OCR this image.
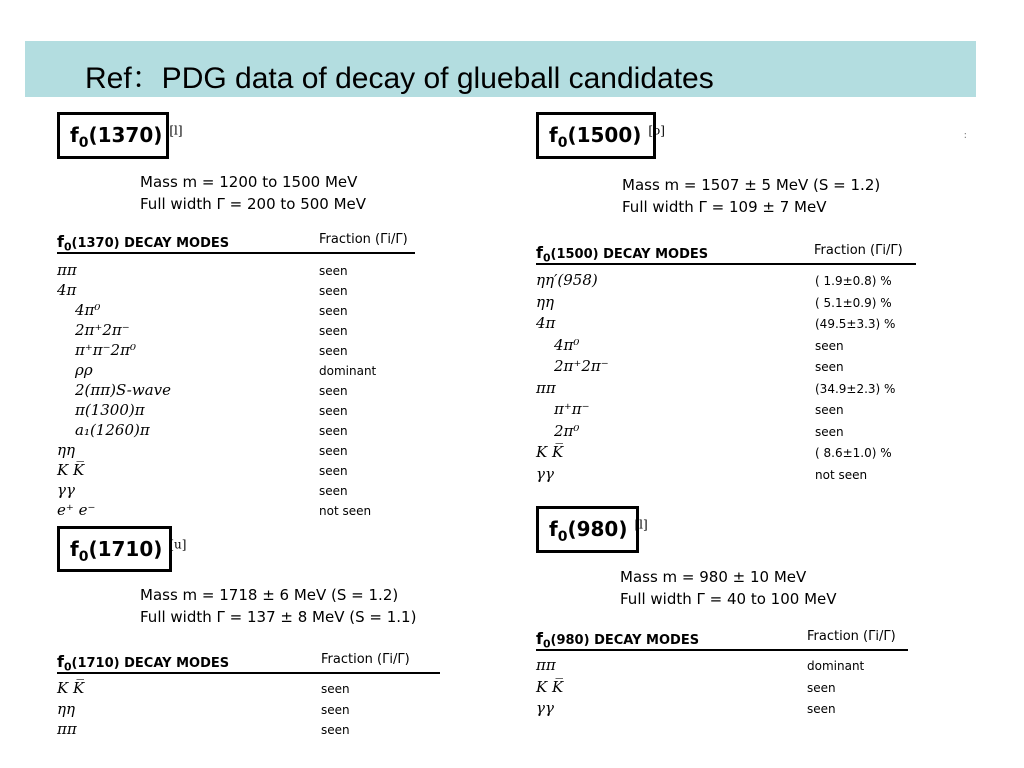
Ref：PDG data of decay of glueball candidates
:
$f_0(1370)$ [l]
Mass m = 1200 to 1500 MeV
Full width Γ = 200 to 500 MeV
$f_0(1370)$ DECAY MODES	Fraction (Γi/Γ)
ππ	seen
4π	seen
4π⁰	seen
2π⁺2π⁻	seen
π⁺π⁻2π⁰	seen
ρρ	dominant
2(ππ)S-wave	seen
π(1300)π	seen
a₁(1260)π	seen
ηη	seen
K K̅	seen
γγ	seen
e⁺ e⁻	not seen
$f_0(1500)$ [o]
Mass m = 1507 ± 5 MeV (S = 1.2)
Full width Γ = 109 ± 7 MeV
$f_0(1500)$ DECAY MODES	Fraction (Γi/Γ)
ηη′(958)	( 1.9±0.8) %
ηη	( 5.1±0.9) %
4π	(49.5±3.3) %
4π⁰	seen
2π⁺2π⁻	seen
ππ	(34.9±2.3) %
π⁺π⁻	seen
2π⁰	seen
K K̅	( 8.6±1.0) %
γγ	not seen
$f_0(1710)$ [u]
Mass m = 1718 ± 6 MeV (S = 1.2)
Full width Γ = 137 ± 8 MeV (S = 1.1)
$f_0(1710)$ DECAY MODES	Fraction (Γi/Γ)
K K̅	seen
ηη	seen
ππ	seen
$f_0(980)$ [l]
Mass m = 980 ± 10 MeV
Full width Γ = 40 to 100 MeV
$f_0(980)$ DECAY MODES	Fraction (Γi/Γ)
ππ	dominant
K K̅	seen
γγ	seen
